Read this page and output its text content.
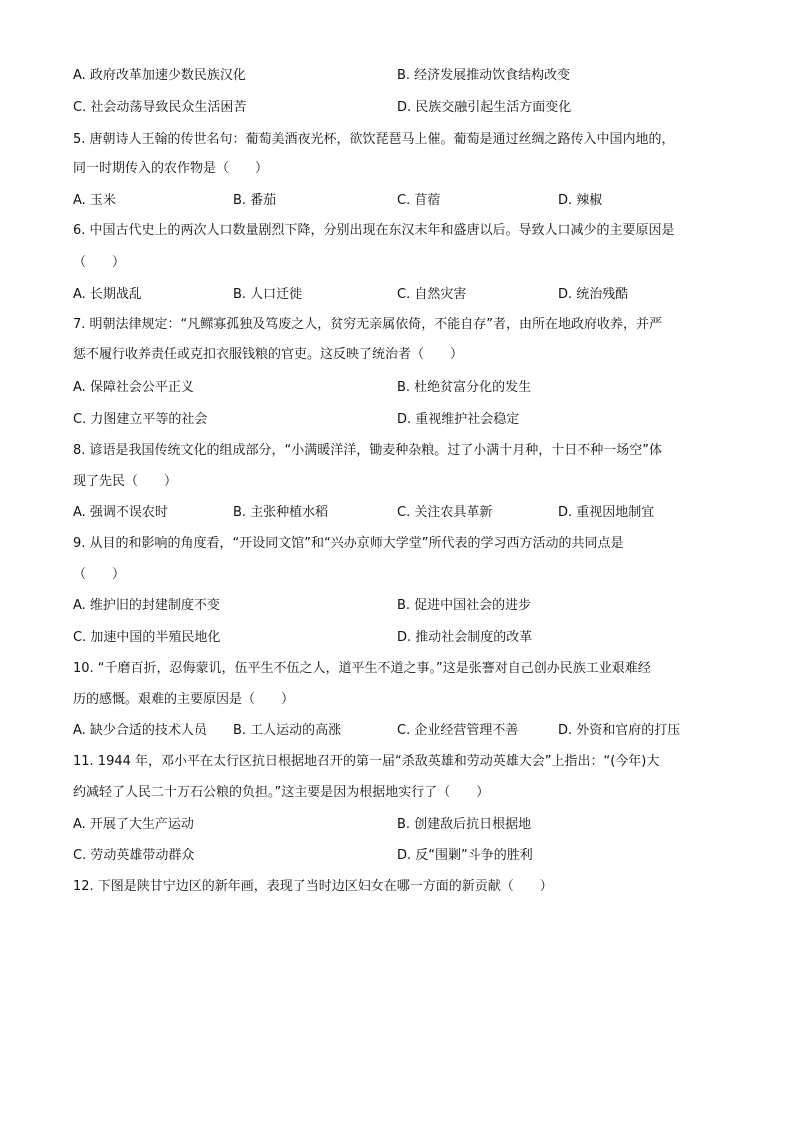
A. 政府改革加速少数民族汉化	B. 经济发展推动饮食结构改变
C. 社会动荡导致民众生活困苦	D. 民族交融引起生活方面变化
5. 唐朝诗人王翰的传世名句：葡萄美酒夜光杯，欲饮琵琶马上催。葡萄是通过丝绸之路传入中国内地的，
同一时期传入的农作物是（　　）
A. 玉米	B. 番茄	C. 苜蓿	D. 辣椒
6. 中国古代史上的两次人口数量剧烈下降，分别出现在东汉末年和盛唐以后。导致人口减少的主要原因是
（　　）
A. 长期战乱	B. 人口迁徙	C. 自然灾害	D. 统治残酷
7. 明朝法律规定：“凡鳏寡孤独及笃废之人，贫穷无亲属依倚，不能自存”者，由所在地政府收养，并严
惩不履行收养责任或克扣衣服钱粮的官吏。这反映了统治者（　　）
A. 保障社会公平正义	B. 杜绝贫富分化的发生
C. 力图建立平等的社会	D. 重视维护社会稳定
8. 谚语是我国传统文化的组成部分，“小满暖洋洋，锄麦种杂粮。过了小满十月种，十日不种一场空”体
现了先民（　　）
A. 强调不误农时	B. 主张种植水稻	C. 关注农具革新	D. 重视因地制宜
9. 从目的和影响的角度看，“开设同文馆”和“兴办京师大学堂”所代表的学习西方活动的共同点是
（　　）
A. 维护旧的封建制度不变	B. 促进中国社会的进步
C. 加速中国的半殖民地化	D. 推动社会制度的改革
10. “千磨百折，忍侮蒙讥，伍平生不伍之人，道平生不道之事。”这是张謇对自己创办民族工业艰难经
历的感慨。艰难的主要原因是（　　）
A. 缺少合适的技术人员 B. 工人运动的高涨	C. 企业经营管理不善	D. 外资和官府的打压
11. 1944 年，邓小平在太行区抗日根据地召开的第一届“杀敌英雄和劳动英雄大会”上指出：“(今年)大
约减轻了人民二十万石公粮的负担。”这主要是因为根据地实行了（　　）
A. 开展了大生产运动	B. 创建敌后抗日根据地
C. 劳动英雄带动群众	D. 反“围剿”斗争的胜利
12. 下图是陕甘宁边区的新年画，表现了当时边区妇女在哪一方面的新贡献（　　）
